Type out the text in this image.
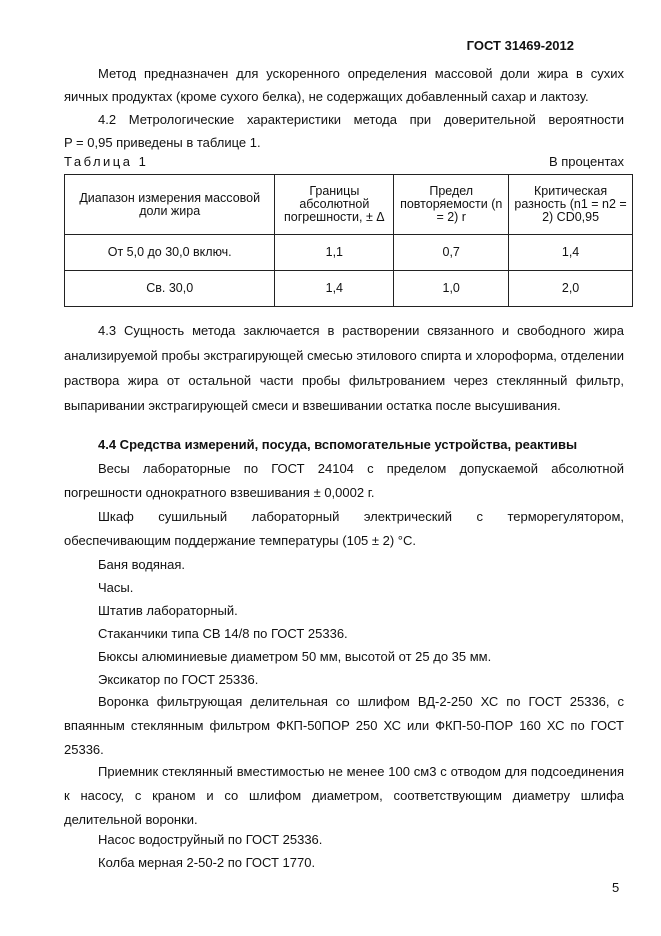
ГОСТ 31469-2012
Метод предназначен для ускоренного определения массовой доли жира в сухих яичных продуктах (кроме сухого белка), не содержащих добавленный сахар и лактозу.
4.2 Метрологические характеристики метода при доверительной вероятности
P = 0,95 приведены в таблице 1.
Таблица 1	В процентах
Диапазон измерения массовой доли жира	Границы абсолютной погрешности, ± Δ	Предел повторяемости (n = 2) r	Критическая разность (n1 = n2 = 2) CD0,95
От 5,0 до 30,0 включ.	1,1	0,7	1,4
Св. 30,0	1,4	1,0	2,0
4.3 Сущность метода заключается в растворении связанного и свободного жира анализируемой пробы экстрагирующей смесью этилового спирта и хлороформа, отделении раствора жира от остальной части пробы фильтрованием через стеклянный фильтр, выпаривании экстрагирующей смеси и взвешивании остатка после высушивания.
4.4 Средства измерений, посуда, вспомогательные устройства, реактивы
Весы лабораторные по ГОСТ 24104 с пределом допускаемой абсолютной погрешности однократного взвешивания ± 0,0002 г.
Шкаф сушильный лабораторный электрический с терморегулятором, обеспечивающим поддержание температуры (105 ± 2) °С.
Баня водяная.
Часы.
Штатив лабораторный.
Стаканчики типа СВ 14/8 по ГОСТ 25336.
Бюксы алюминиевые диаметром 50 мм, высотой от 25 до 35 мм.
Эксикатор по ГОСТ 25336.
Воронка фильтрующая делительная со шлифом ВД-2-250 ХС по ГОСТ 25336, с впаянным стеклянным фильтром ФКП-50ПОР 250 ХС или ФКП-50-ПОР 160 ХС по ГОСТ 25336.
Приемник стеклянный вместимостью не менее 100 см3 с отводом для подсоединения к насосу, с краном и со шлифом диаметром, соответствующим диаметру шлифа делительной воронки.
Насос водоструйный по ГОСТ 25336.
Колба мерная 2-50-2 по ГОСТ 1770.
5
